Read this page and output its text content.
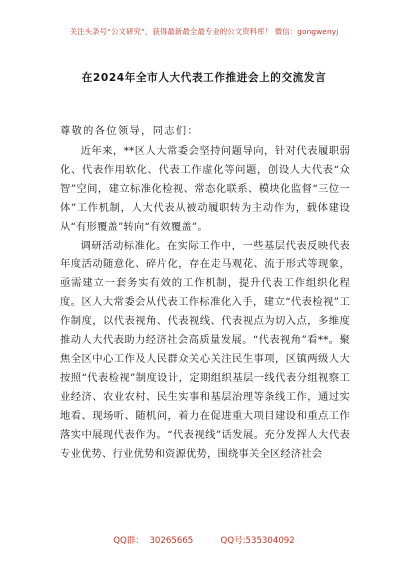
关注头条号“公文研究”，获得最新最全最专业的公文资料库！ 微信：gongwenyj
在2024年全市人大代表工作推进会上的交流发言
尊敬的各位领导，同志们：

近年来，**区人大常委会坚持问题导向，针对代表履职弱化、代表作用软化、代表工作虚化等问题，创设人大代表“众智”空间，建立标准化检视、常态化联系、模块化监督“三位一体”工作机制，人大代表从被动履职转为主动作为，载体建设从“有形覆盖”转向“有效覆盖”。

调研活动标准化。在实际工作中，一些基层代表反映代表年度活动随意化、碎片化，存在走马观花、流于形式等现象，亟需建立一套务实有效的工作机制，提升代表工作组织化程度。区人大常委会从代表工作标准化入手，建立“代表检视”工作制度，以代表视角、代表视线、代表视点为切入点，多维度推动人大代表助力经济社会高质量发展。“代表视角”看**。聚焦全区中心工作及人民群众关心关注民生事项，区镇两级人大按照“代表检视”制度设计，定期组织基层一线代表分组视察工业经济、农业农村、民生实事和基层治理等条线工作，通过实地看、现场听、随机问，着力在促进重大项目建设和重点工作落实中展现代表作为。“代表视线”话发展。充分发挥人大代表专业优势、行业优势和资源优势，围绕事关全区经济社会

QQ群：  30265665          QQ号:535304092
